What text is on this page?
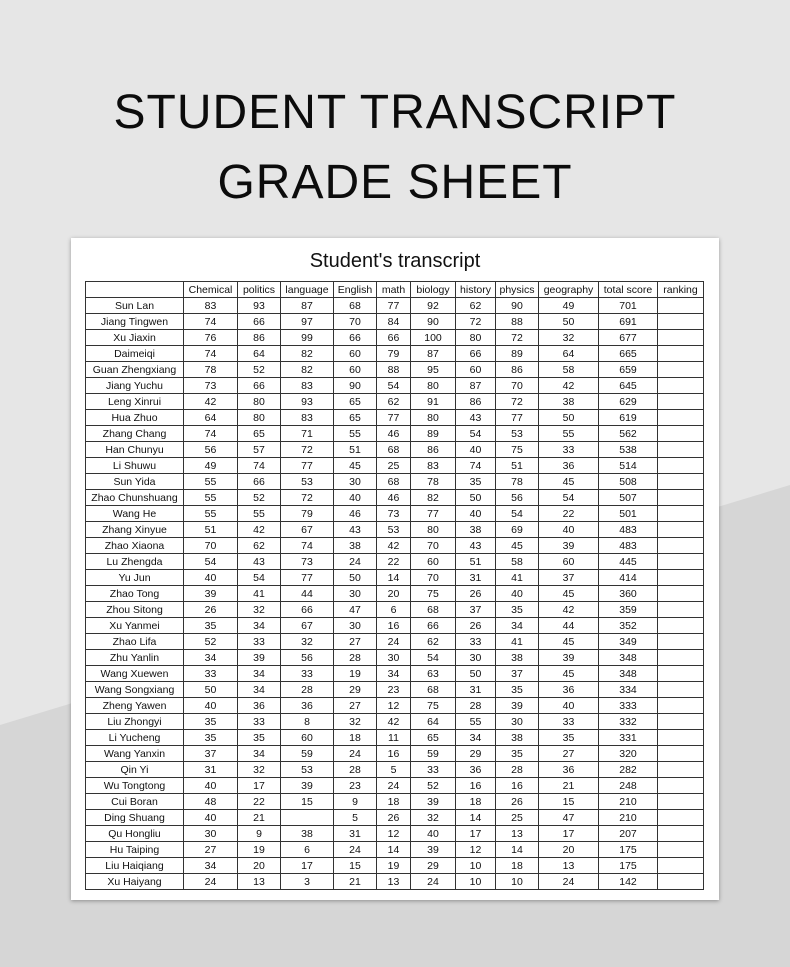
STUDENT TRANSCRIPT
GRADE SHEET
Student's transcript
	Chemical	politics	language	English	math	biology	history	physics	geography	total score	ranking
Sun Lan	83	93	87	68	77	92	62	90	49	701	
Jiang Tingwen	74	66	97	70	84	90	72	88	50	691	
Xu Jiaxin	76	86	99	66	66	100	80	72	32	677	
Daimeiqi	74	64	82	60	79	87	66	89	64	665	
Guan Zhengxiang	78	52	82	60	88	95	60	86	58	659	
Jiang Yuchu	73	66	83	90	54	80	87	70	42	645	
Leng Xinrui	42	80	93	65	62	91	86	72	38	629	
Hua Zhuo	64	80	83	65	77	80	43	77	50	619	
Zhang Chang	74	65	71	55	46	89	54	53	55	562	
Han Chunyu	56	57	72	51	68	86	40	75	33	538	
Li Shuwu	49	74	77	45	25	83	74	51	36	514	
Sun Yida	55	66	53	30	68	78	35	78	45	508	
Zhao Chunshuang	55	52	72	40	46	82	50	56	54	507	
Wang He	55	55	79	46	73	77	40	54	22	501	
Zhang Xinyue	51	42	67	43	53	80	38	69	40	483	
Zhao Xiaona	70	62	74	38	42	70	43	45	39	483	
Lu Zhengda	54	43	73	24	22	60	51	58	60	445	
Yu Jun	40	54	77	50	14	70	31	41	37	414	
Zhao Tong	39	41	44	30	20	75	26	40	45	360	
Zhou Sitong	26	32	66	47	6	68	37	35	42	359	
Xu Yanmei	35	34	67	30	16	66	26	34	44	352	
Zhao Lifa	52	33	32	27	24	62	33	41	45	349	
Zhu Yanlin	34	39	56	28	30	54	30	38	39	348	
Wang Xuewen	33	34	33	19	34	63	50	37	45	348	
Wang Songxiang	50	34	28	29	23	68	31	35	36	334	
Zheng Yawen	40	36	36	27	12	75	28	39	40	333	
Liu Zhongyi	35	33	8	32	42	64	55	30	33	332	
Li Yucheng	35	35	60	18	11	65	34	38	35	331	
Wang Yanxin	37	34	59	24	16	59	29	35	27	320	
Qin Yi	31	32	53	28	5	33	36	28	36	282	
Wu Tongtong	40	17	39	23	24	52	16	16	21	248	
Cui Boran	48	22	15	9	18	39	18	26	15	210	
Ding Shuang	40	21		5	26	32	14	25	47	210	
Qu Hongliu	30	9	38	31	12	40	17	13	17	207	
Hu Taiping	27	19	6	24	14	39	12	14	20	175	
Liu Haiqiang	34	20	17	15	19	29	10	18	13	175	
Xu Haiyang	24	13	3	21	13	24	10	10	24	142	
